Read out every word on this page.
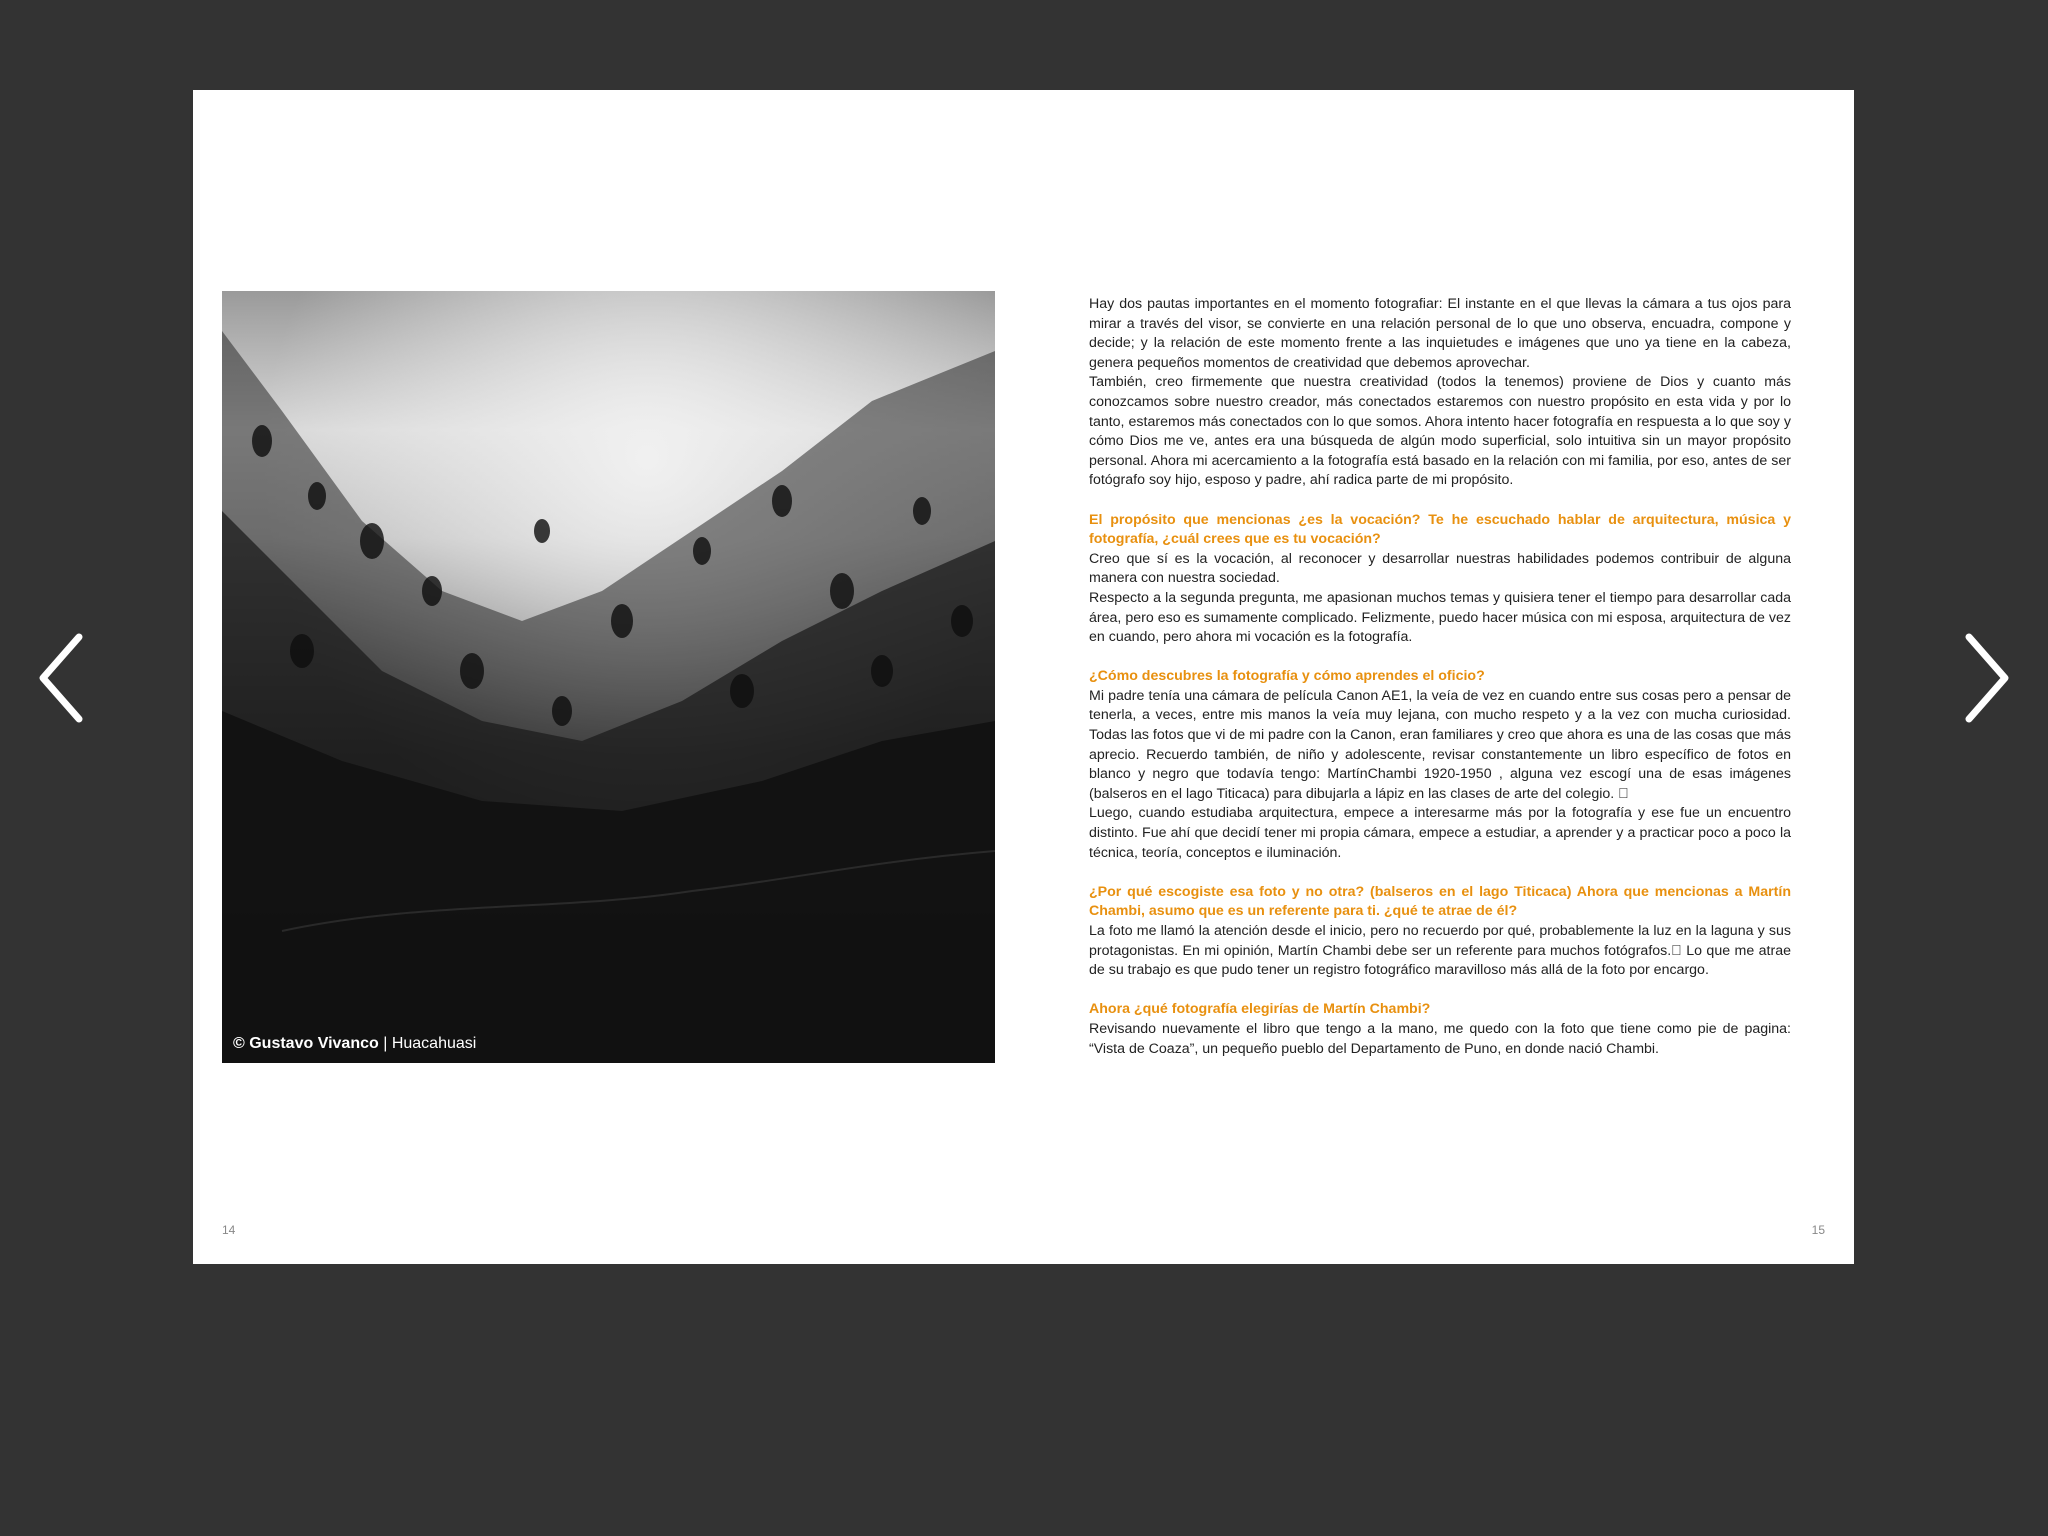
© Gustavo Vivanco | Huacahuasi

Hay dos pautas importantes en el momento fotografiar: El instante en el que llevas la cámara a tus ojos para mirar a través del visor, se convierte en una relación personal de lo que uno observa, encuadra, compone y decide; y la relación de este momento frente a las inquietudes e imágenes que uno ya tiene en la cabeza, genera pequeños momentos de creatividad que debemos aprovechar.

También, creo firmemente que nuestra creatividad (todos la tenemos) proviene de Dios y cuanto más conozcamos sobre nuestro creador, más conectados estaremos con nuestro propósito en esta vida y por lo tanto, estaremos más conectados con lo que somos. Ahora intento hacer fotografía en respuesta a lo que soy y cómo Dios me ve, antes era una búsqueda de algún modo superficial, solo intuitiva sin un mayor propósito personal. Ahora mi acercamiento a la fotografía está basado en la relación con mi familia, por eso, antes de ser fotógrafo soy hijo, esposo y padre, ahí radica parte de mi propósito.

El propósito que mencionas ¿es la vocación? Te he escuchado hablar de arquitectura, música y fotografía, ¿cuál crees que es tu vocación?

Creo que sí es la vocación, al reconocer y desarrollar nuestras habilidades podemos contribuir de alguna manera con nuestra sociedad.

Respecto a la segunda pregunta, me apasionan muchos temas y quisiera tener el tiempo para desarrollar cada área, pero eso es sumamente complicado. Felizmente, puedo hacer música con mi esposa, arquitectura de vez en cuando, pero ahora mi vocación es la fotografía.

¿Cómo descubres la fotografía y cómo aprendes el oficio?

Mi padre tenía una cámara de película Canon AE1, la veía de vez en cuando entre sus cosas pero a pensar de tenerla, a veces, entre mis manos la veía muy lejana, con mucho respeto y a la vez con mucha curiosidad. Todas las fotos que vi de mi padre con la Canon, eran familiares y creo que ahora es una de las cosas que más aprecio. Recuerdo también, de niño y adolescente, revisar constantemente un libro específico de fotos en blanco y negro que todavía tengo: MartínChambi 1920-1950 , alguna vez escogí una de esas imágenes (balseros en el lago Titicaca) para dibujarla a lápiz en las clases de arte del colegio.  

Luego, cuando estudiaba arquitectura, empece a interesarme más por la fotografía y ese fue un encuentro distinto. Fue ahí que decidí tener mi propia cámara, empece a estudiar, a aprender y a practicar poco a poco la técnica, teoría, conceptos e iluminación.

¿Por qué escogiste esa foto y no otra? (balseros en el lago Titicaca) Ahora que mencionas a Martín Chambi, asumo que es un referente para ti. ¿qué te atrae de él?

La foto me llamó la atención desde el inicio, pero no recuerdo por qué, probablemente la luz en la laguna y sus protagonistas. En mi opinión, Martín Chambi debe ser un referente para muchos fotógrafos.  Lo que me atrae de su trabajo es que pudo tener un registro fotográfico maravilloso más allá de la foto por encargo.

Ahora ¿qué fotografía elegirías de Martín Chambi?

Revisando nuevamente el libro que tengo a la mano, me quedo con la foto que tiene como pie de pagina: “Vista de Coaza”, un pequeño pueblo del Departamento de Puno, en donde nació Chambi.

14	15
